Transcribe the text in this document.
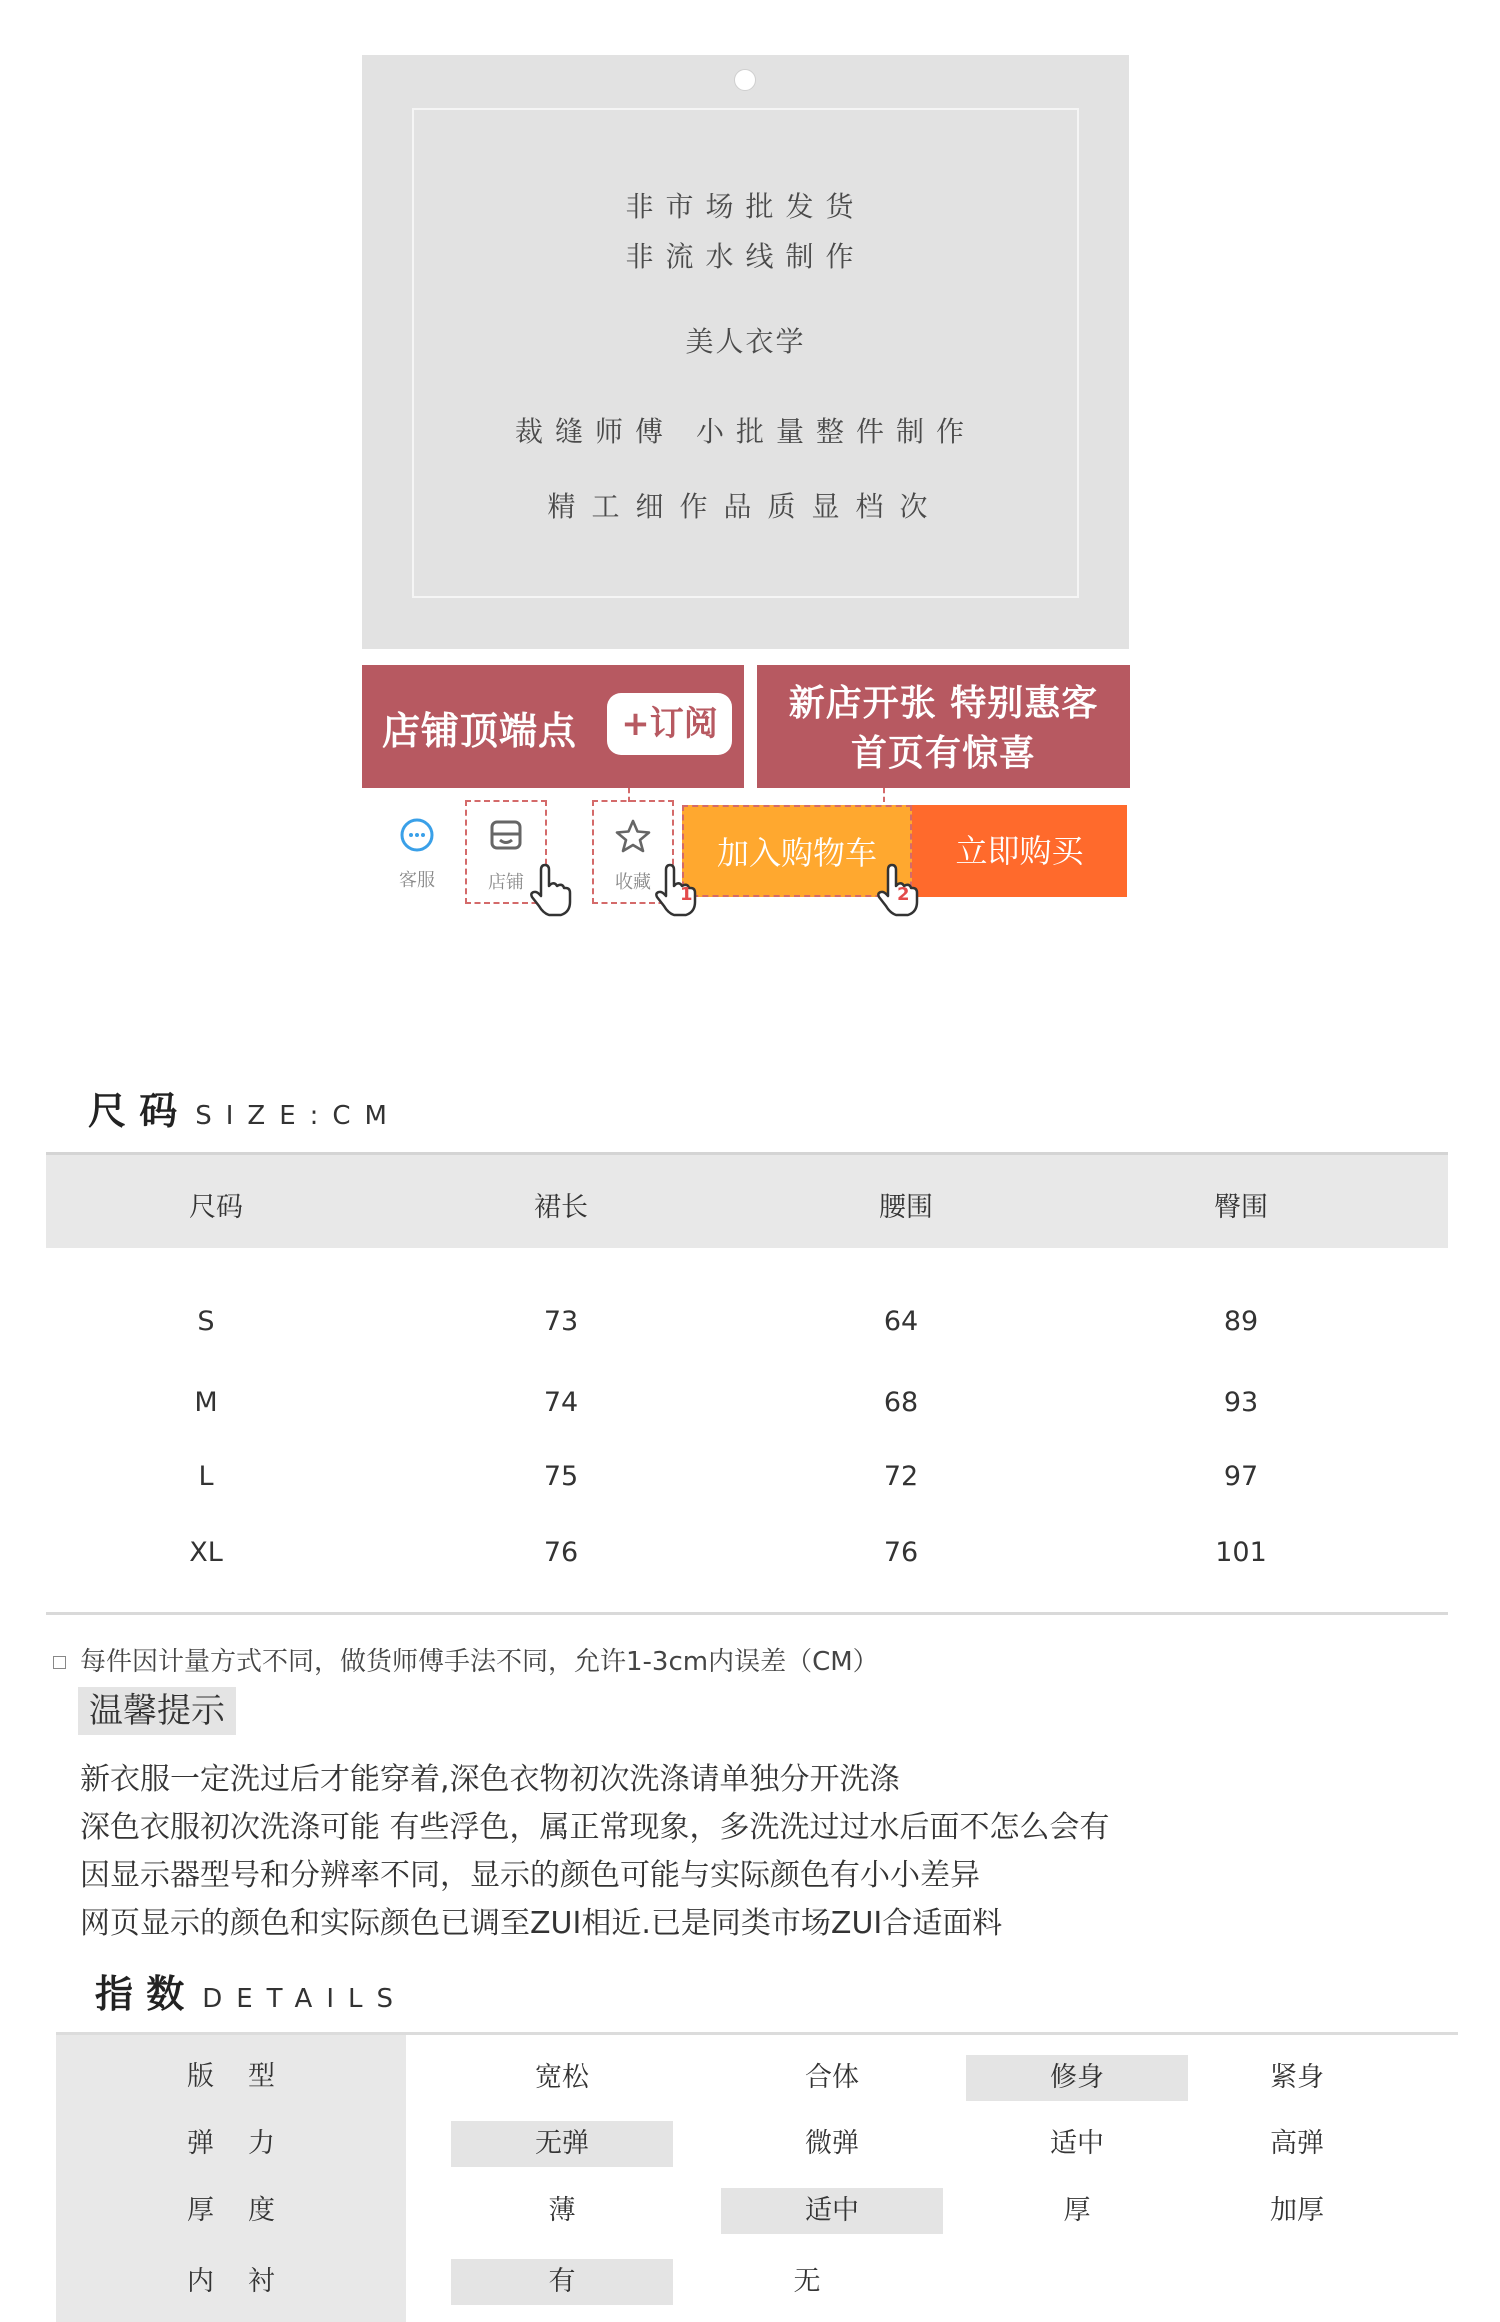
非市场批发货
非流水线制作
美人衣学
裁缝师傅 小批量整件制作
精工细作品质显档次
店铺顶端点	+订阅	新店开张 特别惠客
首页有惊喜
客服	店铺	收藏
加入购物车	立即购买
1	2
尺 码 SIZE:CM
尺码	裙长	腰围	臀围
S	73	64	89
M	74	68	93
L	75	72	97
XL	76	76	101
每件因计量方式不同，做货师傅手法不同，允许1-3cm内误差（CM）
温馨提示
新衣服一定洗过后才能穿着,深色衣物初次洗涤请单独分开洗涤
深色衣服初次洗涤可能 有些浮色，属正常现象，多洗洗过过水后面不怎么会有
因显示器型号和分辨率不同，显示的颜色可能与实际颜色有小小差异
网页显示的颜色和实际颜色已调至ZUI相近.已是同类市场ZUI合适面料
指 数 DETAILS
版型	宽松	合体	修身	紧身
弹力	无弹	微弹	适中	高弹
厚度	薄	适中	厚	加厚
内衬	有	无
